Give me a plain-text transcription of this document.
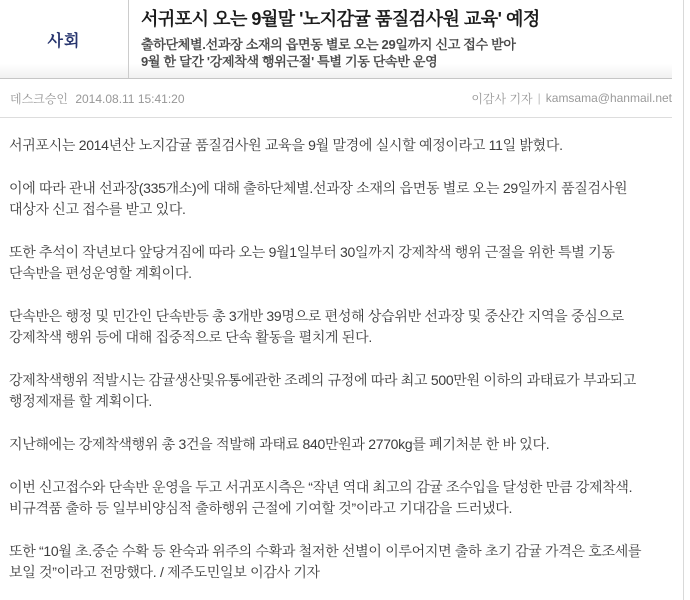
사회
서귀포시 오는 9월말 '노지감귤 품질검사원 교육' 예정
출하단체별.선과장 소재의 읍면동 별로 오는 29일까지 신고 접수 받아
9월 한 달간 '강제착색 행위근절' 특별 기동 단속반 운영
데스크승인 2014.08.11 15:41:20	이감사 기자 | kamsama@hanmail.net

서귀포시는 2014년산 노지감귤 품질검사원 교육을 9월 말경에 실시할 예정이라고 11일 밝혔다.

이에 따라 관내 선과장(335개소)에 대해 출하단체별.선과장 소재의 읍면동 별로 오는 29일까지 품질검사원 대상자 신고 접수를 받고 있다.

또한 추석이 작년보다 앞당겨짐에 따라 오는 9월1일부터 30일까지 강제착색 행위 근절을 위한 특별 기동 단속반을 편성운영할 계획이다.

단속반은 행정 및 민간인 단속반등 총 3개반 39명으로 편성해 상습위반 선과장 및 중산간 지역을 중심으로 강제착색 행위 등에 대해 집중적으로 단속 활동을 펼치게 된다.

강제착색행위 적발시는 감귤생산및유통에관한 조례의 규정에 따라 최고 500만원 이하의 과태료가 부과되고 행정제재를 할 계획이다.

지난해에는 강제착색행위 총 3건을 적발해 과태료 840만원과 2770kg를 폐기처분 한 바 있다.

이번 신고접수와 단속반 운영을 두고 서귀포시측은 “작년 역대 최고의 감귤 조수입을 달성한 만큼 강제착색.비규격품 출하 등 일부비양심적 출하행위 근절에 기여할 것”이라고 기대감을 드러냈다.

또한 “10월 초.중순 수확 등 완숙과 위주의 수확과 철저한 선별이 이루어지면 출하 초기 감귤 가격은 호조세를 보일 것”이라고 전망했다. / 제주도민일보 이감사 기자
